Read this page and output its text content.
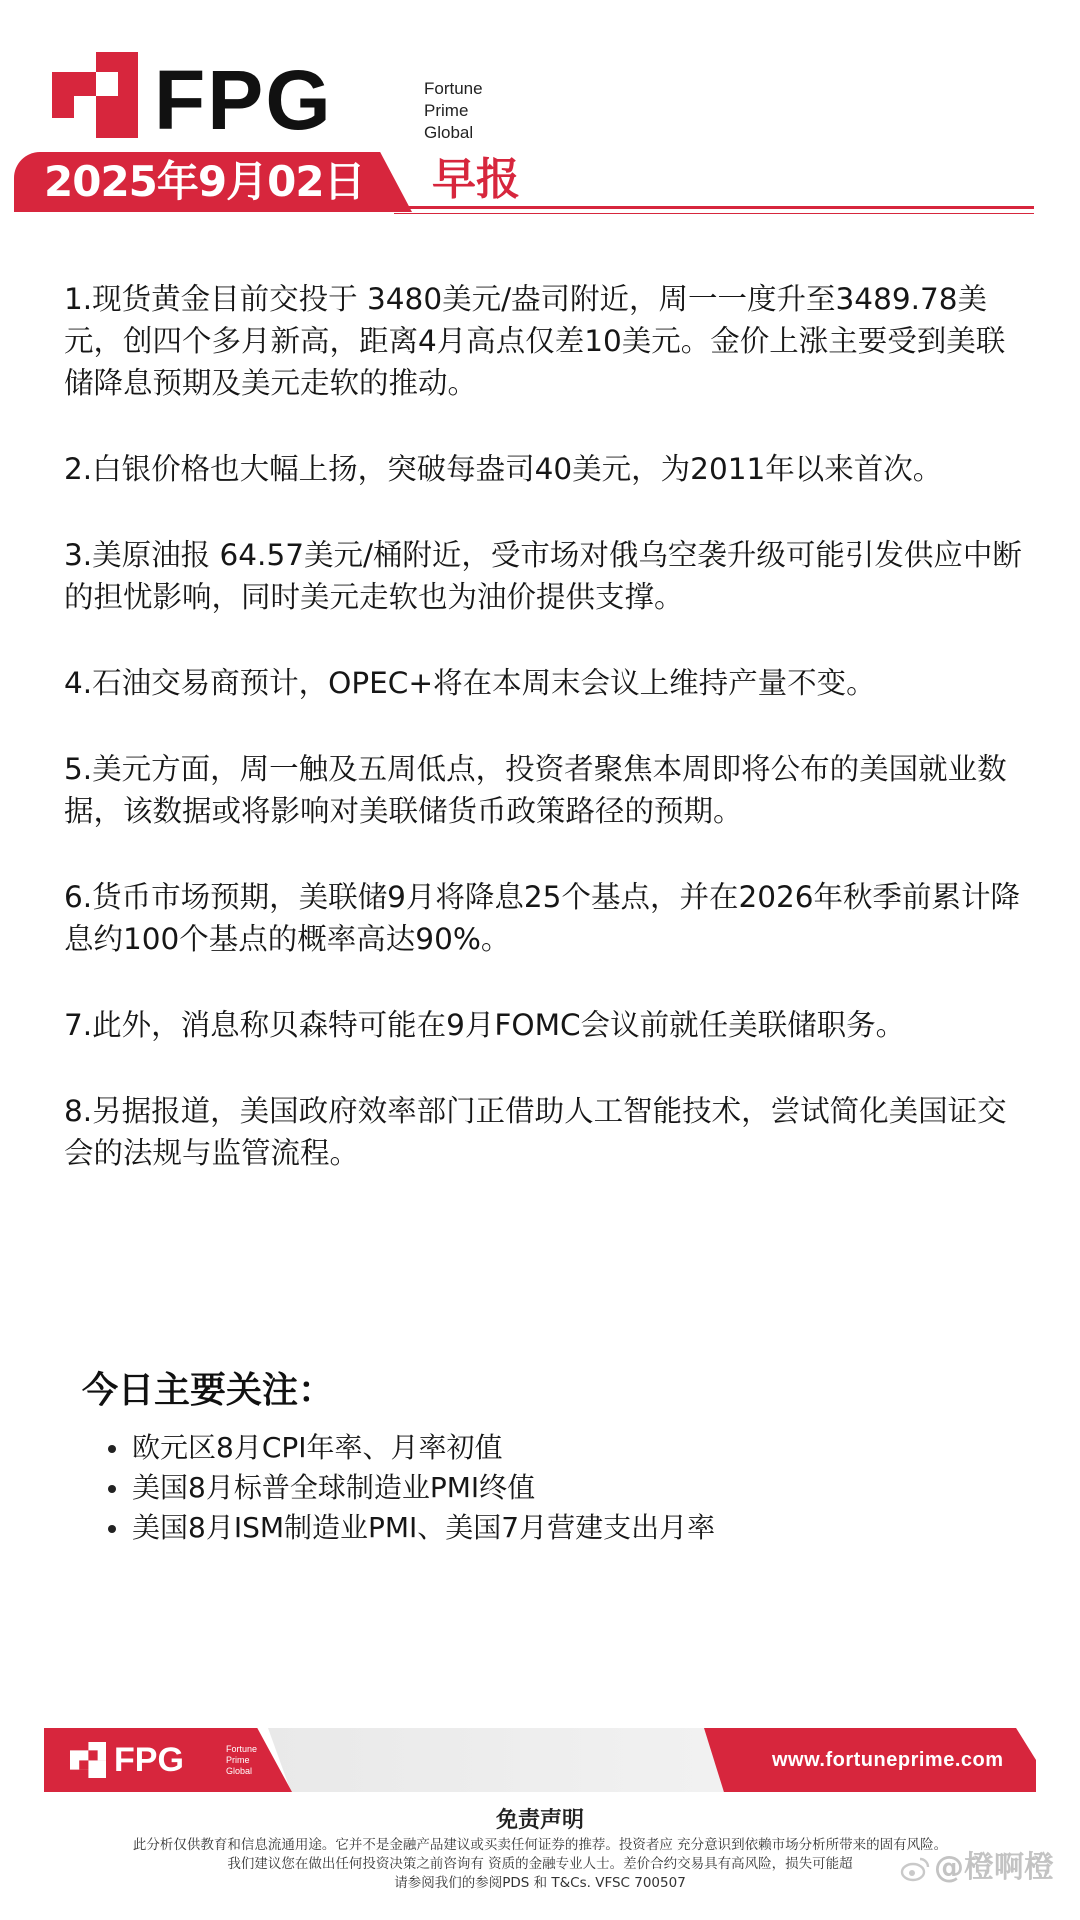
FPG	Fortune
Prime
Global
2025年9月02日 早报

1.现货黄金目前交投于 3480美元/盎司附近，周一一度升至3489.78美元，创四个多月新高，距离4月高点仅差10美元。金价上涨主要受到美联储降息预期及美元走软的推动。

2.白银价格也大幅上扬，突破每盎司40美元，为2011年以来首次。

3.美原油报 64.57美元/桶附近，受市场对俄乌空袭升级可能引发供应中断的担忧影响，同时美元走软也为油价提供支撑。

4.石油交易商预计，OPEC+将在本周末会议上维持产量不变。

5.美元方面，周一触及五周低点，投资者聚焦本周即将公布的美国就业数据，该数据或将影响对美联储货币政策路径的预期。

6.货币市场预期，美联储9月将降息25个基点，并在2026年秋季前累计降息约100个基点的概率高达90%。

7.此外，消息称贝森特可能在9月FOMC会议前就任美联储职务。

8.另据报道，美国政府效率部门正借助人工智能技术，尝试简化美国证交会的法规与监管流程。

今日主要关注：
欧元区8月CPI年率、月率初值
美国8月标普全球制造业PMI终值
美国8月ISM制造业PMI、美国7月营建支出月率
FPG	Fortune
Prime
Global	www.fortuneprime.com
免责声明
此分析仅供教育和信息流通用途。它并不是金融产品建议或买卖任何证券的推荐。投资者应 充分意识到依赖市场分析所带来的固有风险。
我们建议您在做出任何投资决策之前咨询有 资质的金融专业人士。差价合约交易具有高风险，损失可能超
请参阅我们的参阅PDS 和 T&Cs. VFSC 700507	@橙啊橙
